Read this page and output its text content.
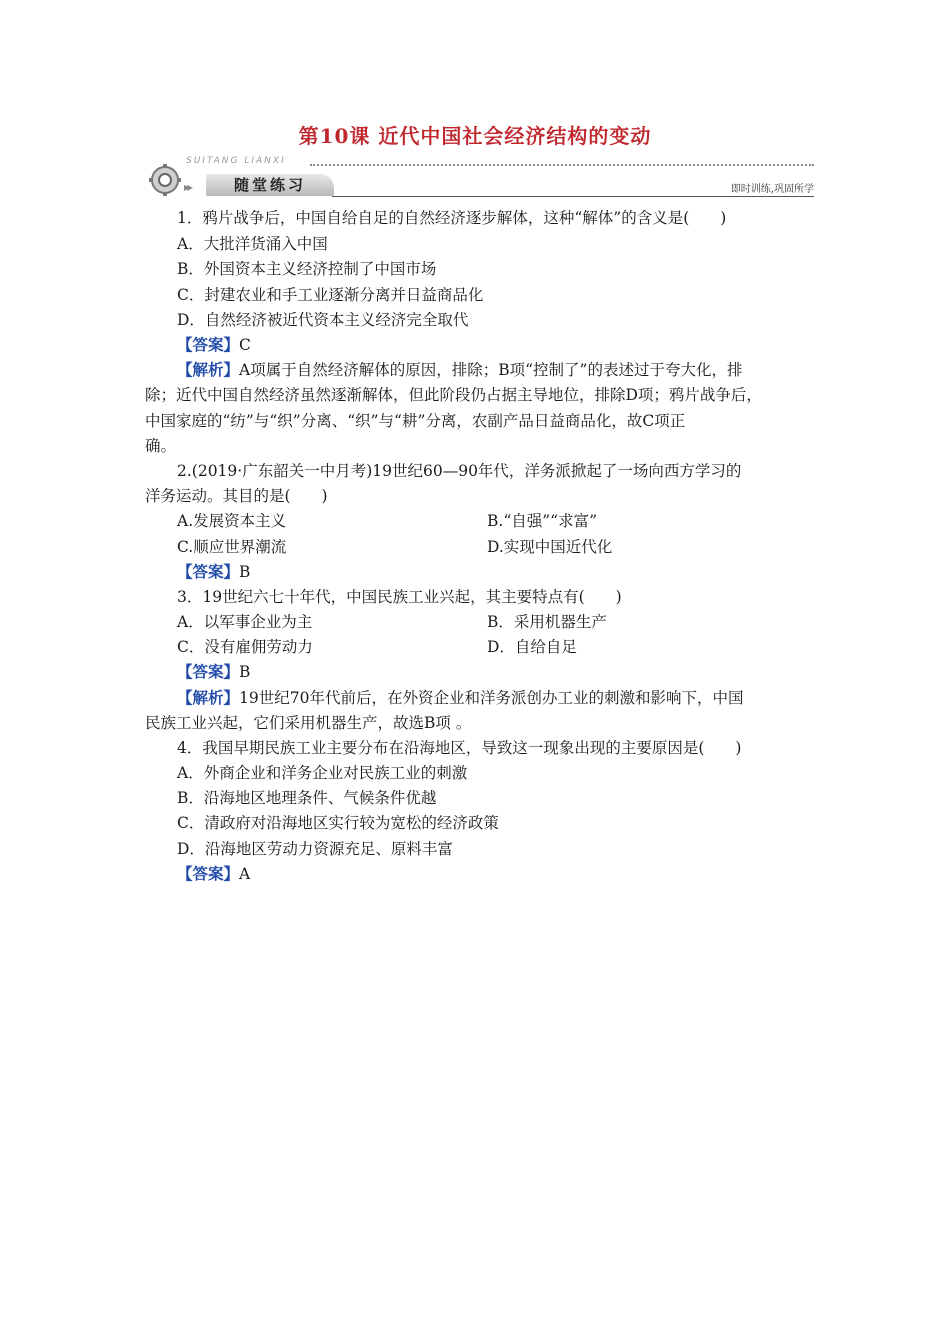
第10课 近代中国社会经济结构的变动
SUITANG LIANXI
▸▸	随堂练习	即时训练,巩固所学
1．鸦片战争后，中国自给自足的自然经济逐步解体，这种“解体”的含义是(　　)
A．大批洋货涌入中国
B．外国资本主义经济控制了中国市场
C．封建农业和手工业逐渐分离并日益商品化
D．自然经济被近代资本主义经济完全取代
【答案】C
【解析】A项属于自然经济解体的原因，排除；B项“控制了”的表述过于夸大化，排
除；近代中国自然经济虽然逐渐解体，但此阶段仍占据主导地位，排除D项；鸦片战争后，
中国家庭的“纺”与“织”分离、“织”与“耕”分离，农副产品日益商品化，故C项正
确。
2.(2019·广东韶关一中月考)19世纪60—90年代，洋务派掀起了一场向西方学习的
洋务运动。其目的是(　　)
A.发展资本主义	B.“自强”“求富”
C.顺应世界潮流	D.实现中国近代化
【答案】B
3．19世纪六七十年代，中国民族工业兴起，其主要特点有(　　)
A．以军事企业为主	B．采用机器生产
C．没有雇佣劳动力	D．自给自足
【答案】B
【解析】19世纪70年代前后，在外资企业和洋务派创办工业的刺激和影响下，中国
民族工业兴起，它们采用机器生产，故选B项 。
4．我国早期民族工业主要分布在沿海地区，导致这一现象出现的主要原因是(　　)
A．外商企业和洋务企业对民族工业的刺激
B．沿海地区地理条件、气候条件优越
C．清政府对沿海地区实行较为宽松的经济政策
D．沿海地区劳动力资源充足、原料丰富
【答案】A
